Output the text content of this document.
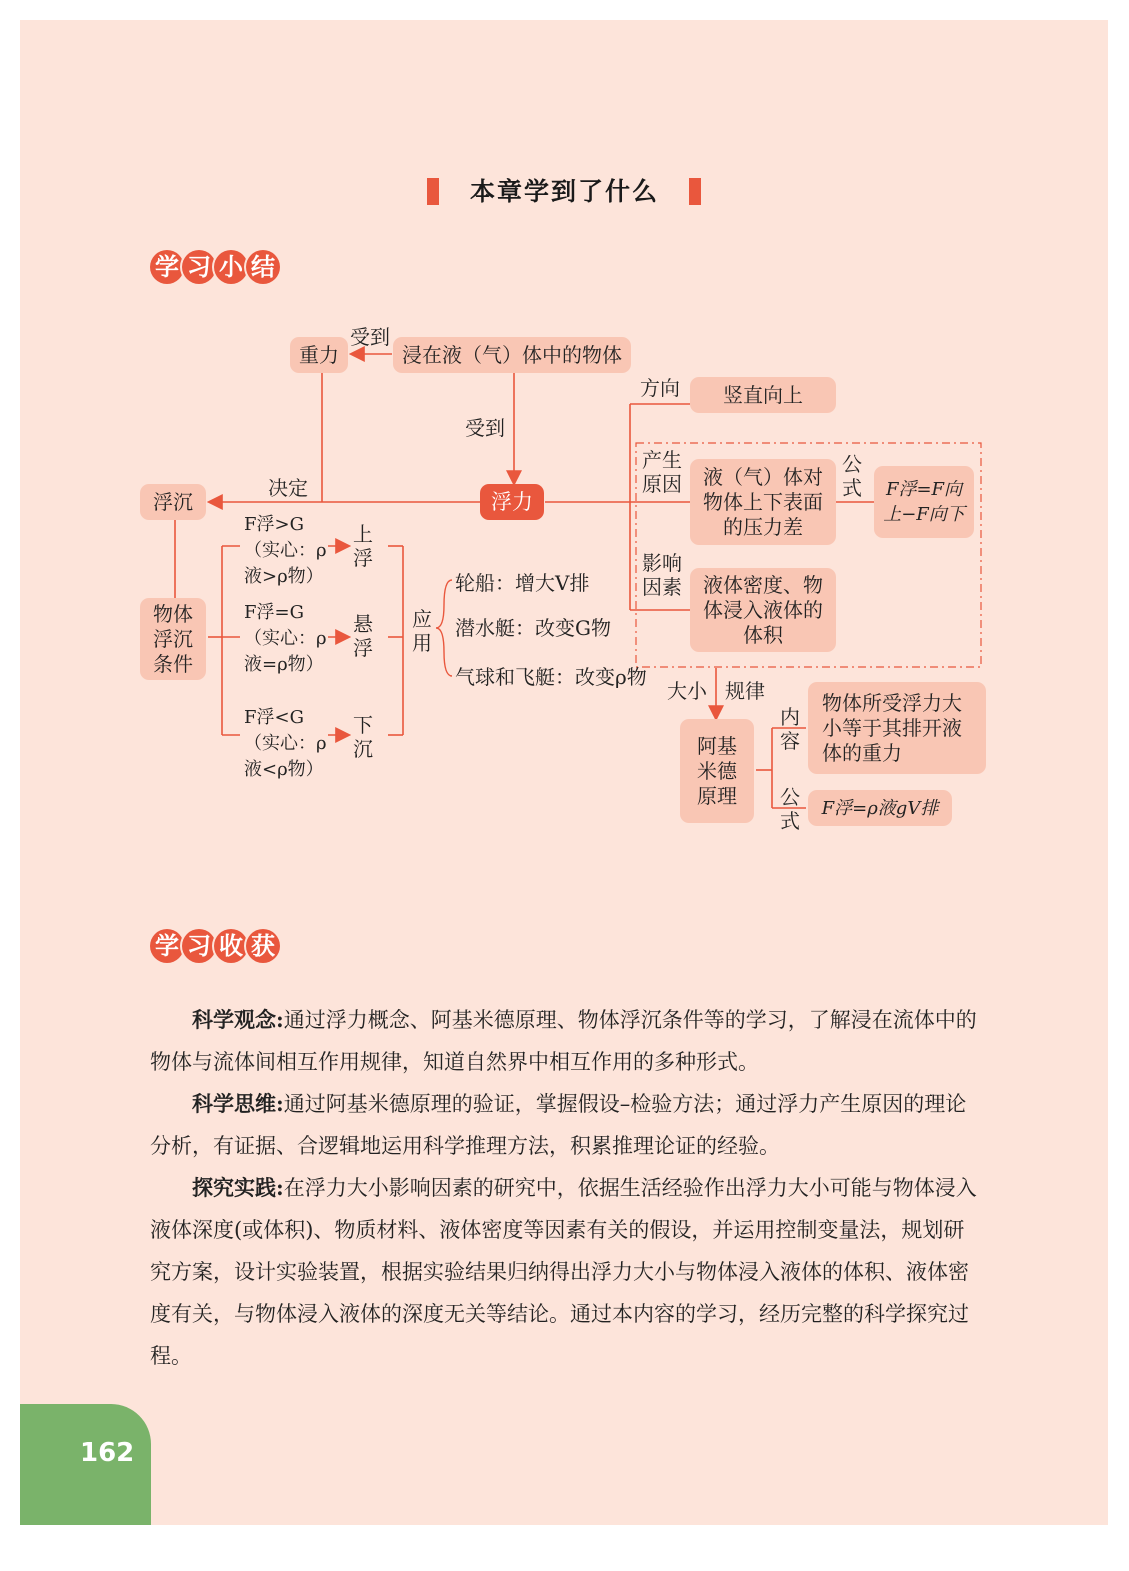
本章学到了什么
学 习 小 结
重力
受到
浸在液（气）体中的物体
受到
决定
浮力
浮沉
物体浮沉条件
方向	竖直向上
产生原因	液（气）体对物体上下表面的压力差
公式	F浮=F向上−F向下
影响因素	液体密度、物体浸入液体的体积
大小 规律
阿基米德原理
内容
物体所受浮力大小等于其排开液体的重力
公式
F浮=ρ液gV排
F浮>G（实心：ρ液>ρ物）
F浮=G（实心：ρ液=ρ物）
F浮<G（实心：ρ液<ρ物）
上浮
悬浮
下沉
应用
轮船：增大V排
潜水艇：改变G物
气球和飞艇：改变ρ物
学 习 收 获
科学观念:通过浮力概念、阿基米德原理、物体浮沉条件等的学习，了解浸在流体中的物体与流体间相互作用规律，知道自然界中相互作用的多种形式。
科学思维:通过阿基米德原理的验证，掌握假设–检验方法；通过浮力产生原因的理论分析，有证据、合逻辑地运用科学推理方法，积累推理论证的经验。
探究实践:在浮力大小影响因素的研究中，依据生活经验作出浮力大小可能与物体浸入液体深度(或体积)、物质材料、液体密度等因素有关的假设，并运用控制变量法，规划研究方案，设计实验装置，根据实验结果归纳得出浮力大小与物体浸入液体的体积、液体密度有关，与物体浸入液体的深度无关等结论。通过本内容的学习，经历完整的科学探究过程。
162
